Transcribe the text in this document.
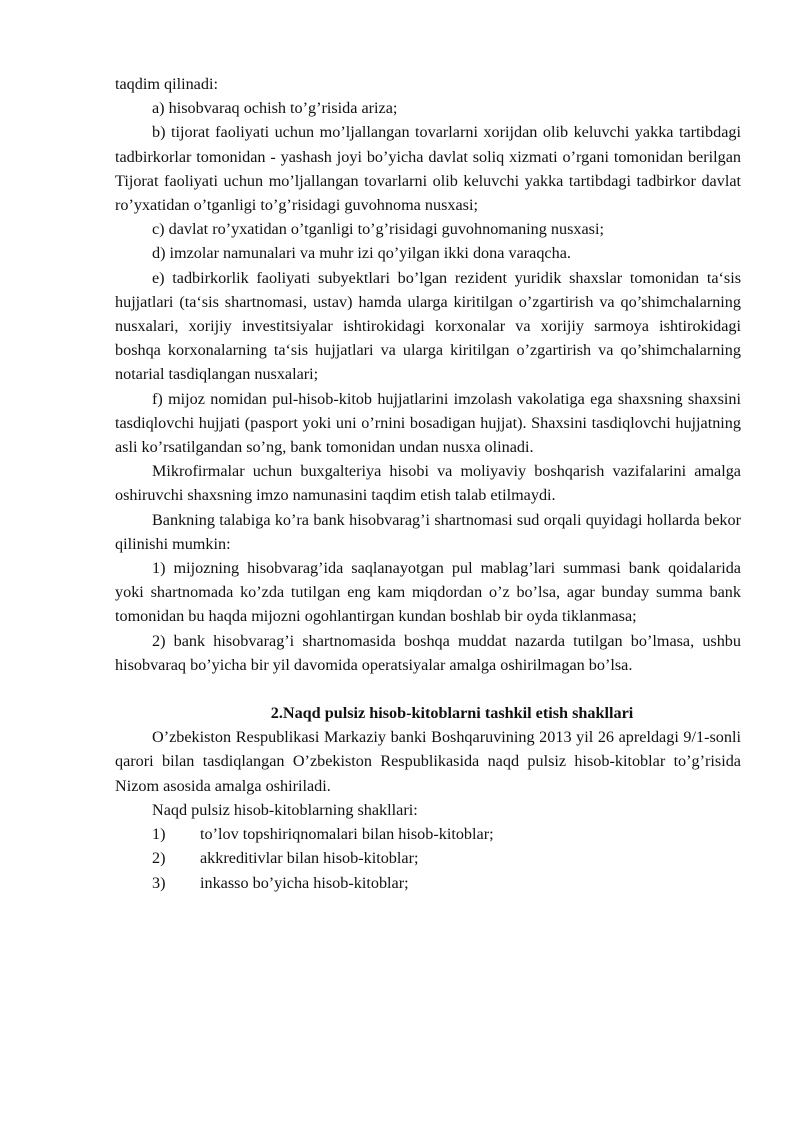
taqdim qilinadi:

a) hisobvaraq ochish to’g’risida ariza;

b) tijorat faoliyati uchun mo’ljallangan tovarlarni xorijdan olib keluvchi yakka tartibdagi tadbirkorlar tomonidan - yashash joyi bo’yicha davlat soliq xizmati o’rgani tomonidan berilgan Tijorat faoliyati uchun mo’ljallangan tovarlarni olib keluvchi yakka tartibdagi tadbirkor davlat ro’yxatidan o’tganligi to’g’risidagi guvohnoma nusxasi;

c) davlat ro’yxatidan o’tganligi to’g’risidagi guvohnomaning nusxasi;

d) imzolar namunalari va muhr izi qo’yilgan ikki dona varaqcha.

e) tadbirkorlik faoliyati subyektlari bo’lgan rezident yuridik shaxslar tomonidan ta‘sis hujjatlari (ta‘sis shartnomasi, ustav) hamda ularga kiritilgan o’zgartirish va qo’shimchalarning nusxalari, xorijiy investitsiyalar ishtirokidagi korxonalar va xorijiy sarmoya ishtirokidagi boshqa korxonalarning ta‘sis hujjatlari va ularga kiritilgan o’zgartirish va qo’shimchalarning notarial tasdiqlangan nusxalari;

f) mijoz nomidan pul-hisob-kitob hujjatlarini imzolash vakolatiga ega shaxsning shaxsini tasdiqlovchi hujjati (pasport yoki uni o’rnini bosadigan hujjat). Shaxsini tasdiqlovchi hujjatning asli ko’rsatilgandan so’ng, bank tomonidan undan nusxa olinadi.

Mikrofirmalar uchun buxgalteriya hisobi va moliyaviy boshqarish vazifalarini amalga oshiruvchi shaxsning imzo namunasini taqdim etish talab etilmaydi.

Bankning talabiga ko’ra bank hisobvarag’i shartnomasi sud orqali quyidagi hollarda bekor qilinishi mumkin:

1) mijozning hisobvarag’ida saqlanayotgan pul mablag’lari summasi bank qoidalarida yoki shartnomada ko’zda tutilgan eng kam miqdordan o’z bo’lsa, agar bunday summa bank tomonidan bu haqda mijozni ogohlantirgan kundan boshlab bir oyda tiklanmasa;

2) bank hisobvarag’i shartnomasida boshqa muddat nazarda tutilgan bo’lmasa, ushbu hisobvaraq bo’yicha bir yil davomida operatsiyalar amalga oshirilmagan bo’lsa.

2.Naqd pulsiz hisob-kitoblarni tashkil etish shakllari

O’zbekiston Respublikasi Markaziy banki Boshqaruvining 2013 yil 26 apreldagi 9/1-sonli qarori bilan tasdiqlangan O’zbekiston Respublikasida naqd pulsiz hisob-kitoblar to’g’risida Nizom asosida amalga oshiriladi.

Naqd pulsiz hisob-kitoblarning shakllari:

1)	to’lov topshiriqnomalari bilan hisob-kitoblar;
2)	akkreditivlar bilan hisob-kitoblar;
3)	inkasso bo’yicha hisob-kitoblar;
